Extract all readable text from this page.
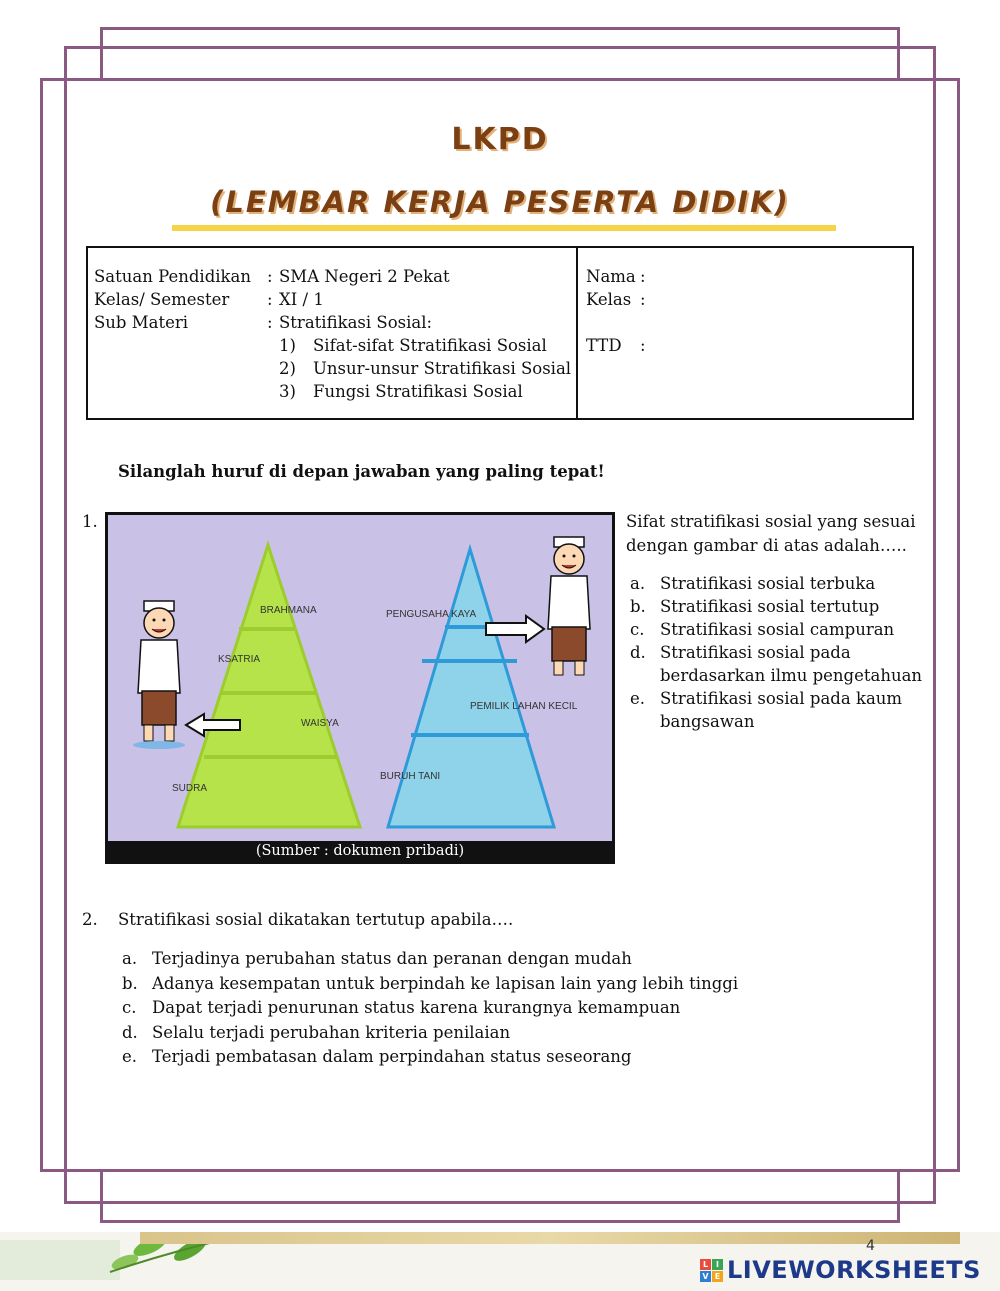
LKPD
(LEMBAR KERJA PESERTA DIDIK)
Satuan Pendidikan : SMA Negeri 2 Pekat
Kelas/ Semester	: XI / 1
Sub Materi	: Stratifikasi Sosial:
1) Sifat-sifat Stratifikasi Sosial
2) Unsur-unsur Stratifikasi Sosial
3) Fungsi Stratifikasi Sosial
Nama :
Kelas :
TTD :
Silanglah huruf di depan jawaban yang paling tepat!
1.
BRAHMANA
KSATRIA
WAISYA
SUDRA
PENGUSAHA KAYA
PEMILIK LAHAN KECIL
BURUH TANI
(Sumber : dokumen pribadi)
Sifat stratifikasi sosial yang sesuai dengan gambar di atas adalah…..
a. Stratifikasi sosial terbuka
b. Stratifikasi sosial tertutup
c. Stratifikasi sosial campuran
d. Stratifikasi sosial pada berdasarkan ilmu pengetahuan
e. Stratifikasi sosial pada kaum bangsawan
2.	Stratifikasi sosial dikatakan tertutup apabila….
a. Terjadinya perubahan status dan peranan dengan mudah
b. Adanya kesempatan untuk berpindah ke lapisan lain yang lebih tinggi
c. Dapat terjadi penurunan status karena kurangnya kemampuan
d. Selalu terjadi perubahan kriteria penilaian
e. Terjadi pembatasan dalam perpindahan status seseorang
4
L I
V E LIVEWORKSHEETS
